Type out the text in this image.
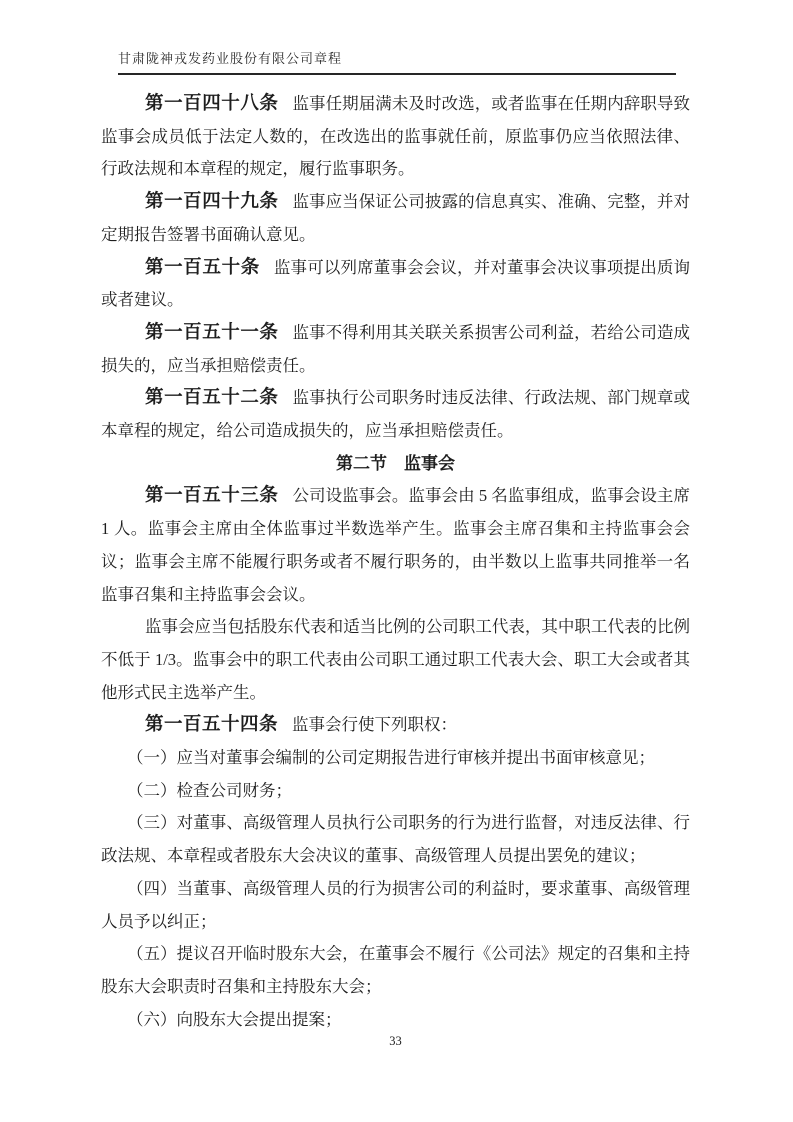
甘肃陇神戎发药业股份有限公司章程

第一百四十八条 监事任期届满未及时改选，或者监事在任期内辞职导致监事会成员低于法定人数的，在改选出的监事就任前，原监事仍应当依照法律、行政法规和本章程的规定，履行监事职务。

第一百四十九条 监事应当保证公司披露的信息真实、准确、完整，并对定期报告签署书面确认意见。

第一百五十条 监事可以列席董事会会议，并对董事会决议事项提出质询或者建议。

第一百五十一条 监事不得利用其关联关系损害公司利益，若给公司造成损失的，应当承担赔偿责任。

第一百五十二条 监事执行公司职务时违反法律、行政法规、部门规章或本章程的规定，给公司造成损失的，应当承担赔偿责任。

第二节　监事会

第一百五十三条 公司设监事会。监事会由 5 名监事组成，监事会设主席 1 人。监事会主席由全体监事过半数选举产生。监事会主席召集和主持监事会会议；监事会主席不能履行职务或者不履行职务的，由半数以上监事共同推举一名监事召集和主持监事会会议。

监事会应当包括股东代表和适当比例的公司职工代表，其中职工代表的比例不低于 1/3。监事会中的职工代表由公司职工通过职工代表大会、职工大会或者其他形式民主选举产生。

第一百五十四条 监事会行使下列职权：

（一）应当对董事会编制的公司定期报告进行审核并提出书面审核意见；

（二）检查公司财务；

（三）对董事、高级管理人员执行公司职务的行为进行监督，对违反法律、行政法规、本章程或者股东大会决议的董事、高级管理人员提出罢免的建议；

（四）当董事、高级管理人员的行为损害公司的利益时，要求董事、高级管理人员予以纠正；

（五）提议召开临时股东大会，在董事会不履行《公司法》规定的召集和主持股东大会职责时召集和主持股东大会；

（六）向股东大会提出提案；

33
